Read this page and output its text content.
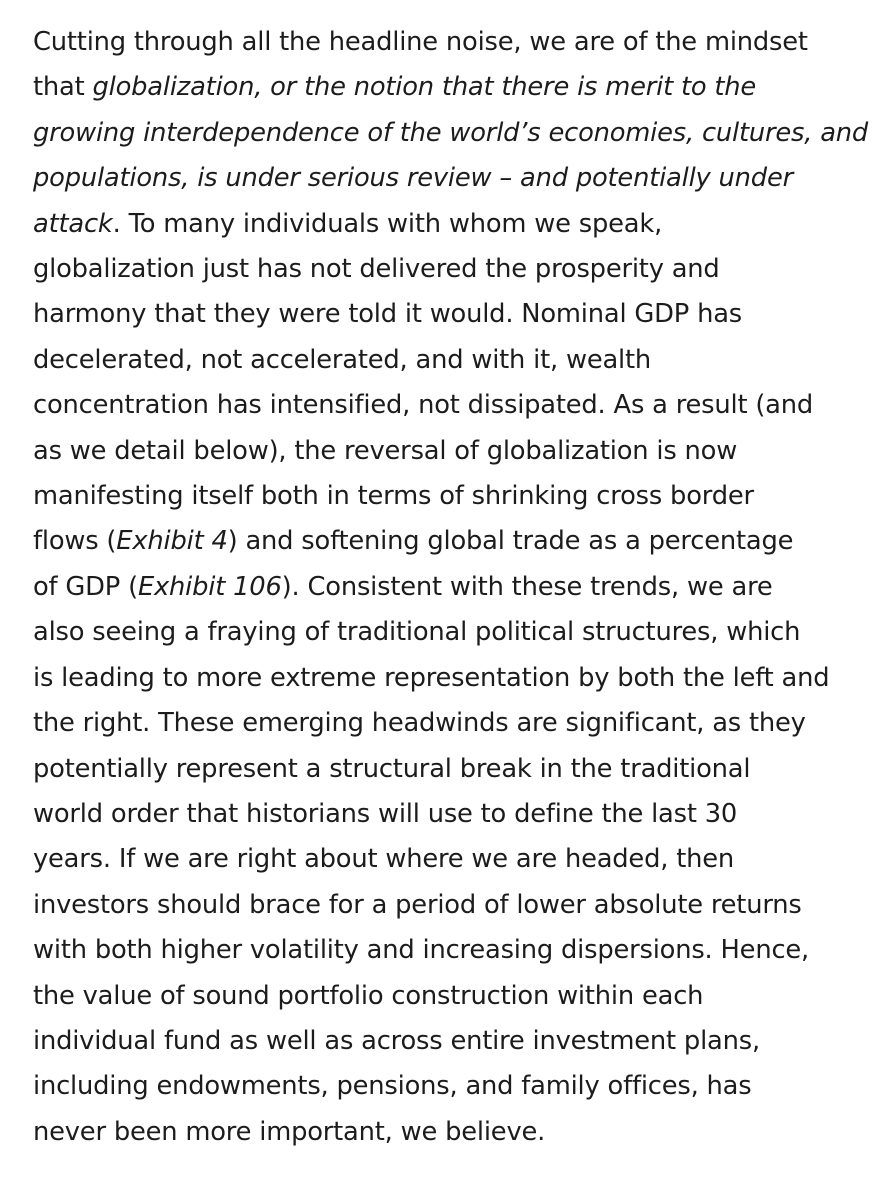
Cutting through all the headline noise, we are of the mindset
that globalization, or the notion that there is merit to the
growing interdependence of the world’s economies, cultures, and
populations, is under serious review – and potentially under
attack. To many individuals with whom we speak,
globalization just has not delivered the prosperity and
harmony that they were told it would. Nominal GDP has
decelerated, not accelerated, and with it, wealth
concentration has intensified, not dissipated. As a result (and
as we detail below), the reversal of globalization is now
manifesting itself both in terms of shrinking cross border
flows (Exhibit 4) and softening global trade as a percentage
of GDP (Exhibit 106). Consistent with these trends, we are
also seeing a fraying of traditional political structures, which
is leading to more extreme representation by both the left and
the right. These emerging headwinds are significant, as they
potentially represent a structural break in the traditional
world order that historians will use to define the last 30
years. If we are right about where we are headed, then
investors should brace for a period of lower absolute returns
with both higher volatility and increasing dispersions. Hence,
the value of sound portfolio construction within each
individual fund as well as across entire investment plans,
including endowments, pensions, and family offices, has
never been more important, we believe.
